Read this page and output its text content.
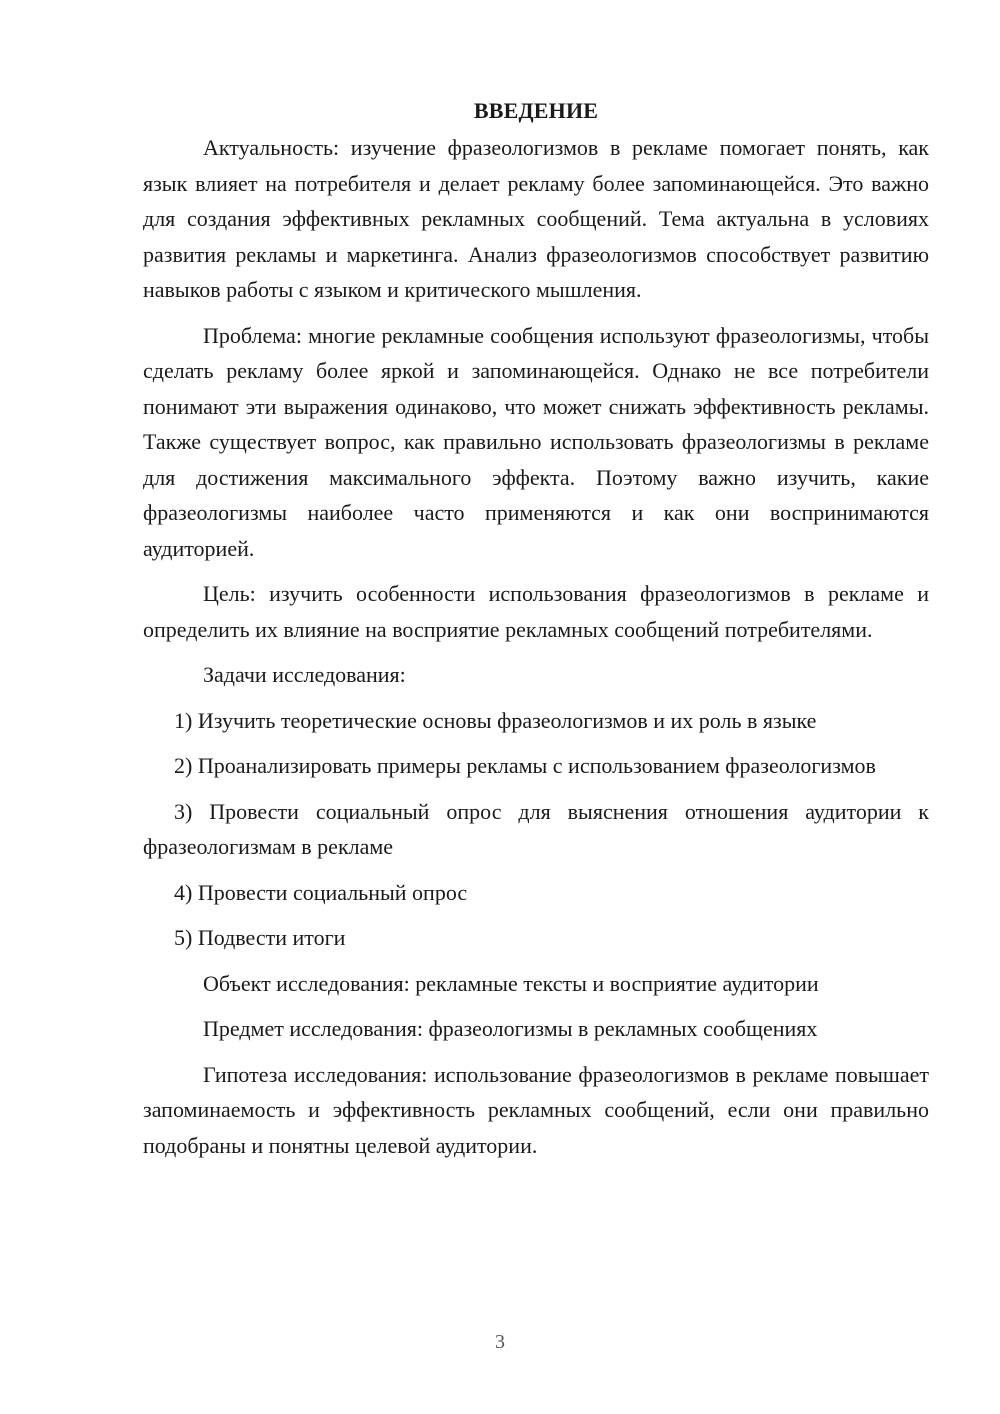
ВВЕДЕНИЕ

Актуальность: изучение фразеологизмов в рекламе помогает понять, как язык влияет на потребителя и делает рекламу более запоминающейся. Это важно для создания эффективных рекламных сообщений. Тема актуальна в условиях развития рекламы и маркетинга. Анализ фразеологизмов способствует развитию навыков работы с языком и критического мышления.

Проблема: многие рекламные сообщения используют фразеологизмы, чтобы сделать рекламу более яркой и запоминающейся. Однако не все потребители понимают эти выражения одинаково, что может снижать эффективность рекламы. Также существует вопрос, как правильно использовать фразеологизмы в рекламе для достижения максимального эффекта. Поэтому важно изучить, какие фразеологизмы наиболее часто применяются и как они воспринимаются аудиторией.

Цель: изучить особенности использования фразеологизмов в рекламе и определить их влияние на восприятие рекламных сообщений потребителями.

Задачи исследования:

1) Изучить теоретические основы фразеологизмов и их роль в языке

2) Проанализировать примеры рекламы с использованием фразеологизмов

3) Провести социальный опрос для выяснения отношения аудитории к фразеологизмам в рекламе

4) Провести социальный опрос

5) Подвести итоги

Объект исследования: рекламные тексты и восприятие аудитории

Предмет исследования: фразеологизмы в рекламных сообщениях

Гипотеза исследования: использование фразеологизмов в рекламе повышает запоминаемость и эффективность рекламных сообщений, если они правильно подобраны и понятны целевой аудитории.

3
